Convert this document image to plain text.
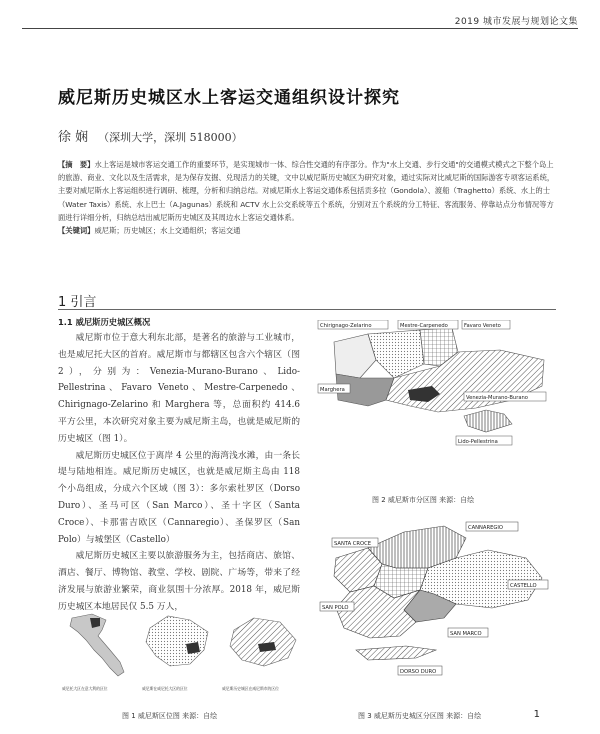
2019 城市发展与规划论文集
威尼斯历史城区水上客运交通组织设计探究
徐 娴 （深圳大学，深圳 518000）
【摘　要】水上客运是城市客运交通工作的重要环节，是实现城市一体、综合性交通的有序部分。作为"水上交通、步行交通"的交通模式模式之下整个岛上的旅游、商业、文化以及生活需求，是为保存发掘、兑现活力的关键，文中以威尼斯历史城区为研究对象，通过实际对比威尼斯的国际游客专项客运系统，主要对威尼斯水上客运组织进行调研、梳理，分析和归纳总结。对威尼斯水上客运交通体系包括贡多拉（Gondola）、渡船（Traghetto）系统、水上的士（Water Taxis）系统、水上巴士（A.Jagunas）系统和 ACTV 水上公交系统等五个系统，分别对五个系统的分工特征、客流服务、停靠站点分布情况等方面进行详细分析，归纳总结出威尼斯历史城区及其周边水上客运交通体系。
【关键词】威尼斯；历史城区；水上交通组织；客运交通
1 引言
1.1 威尼斯历史城区概况

威尼斯市位于意大利东北部，是著名的旅游与工业城市，也是威尼托大区的首府。威尼斯市与都辖区包含六个辖区（图 2），分别为：Venezia-Murano-Burano、Lido-Pellestrina、Favaro Veneto、Mestre-Carpenedo、Chirignago-Zelarino 和 Marghera 等，总面积约 414.6 平方公里，本次研究对象主要为威尼斯主岛，也就是威尼斯的历史城区（图 1）。

威尼斯历史城区位于离岸 4 公里的海湾浅水滩，由一条长堤与陆地相连。威尼斯历史城区，也就是威尼斯主岛由 118 个小岛组成，分成六个区域（图 3）：多尔索杜罗区（Dorso Duro）、圣马可区（San Marco）、圣十字区（Santa Croce）、卡那雷吉欧区（Cannaregio）、圣保罗区（San Polo）与城堡区（Castello）

威尼斯历史城区主要以旅游服务为主，包括商店、旅馆、酒店、餐厅、博物馆、教堂、学校、剧院、广场等，带来了经济发展与旅游业繁荣，商业氛围十分浓厚。2018 年，威尼斯历史城区本地居民仅 5.5 万人，

威尼托大区在意大利的区位	威尼斯在威尼托大区的区位	威尼斯历史城区在威尼斯市的区位
图 1 威尼斯区位图 来源：自绘
Chirignago-Zelarino	Mestre-Carpenedo	Favaro Veneto
Marghera
Venezia-Murano-Burano
Lido-Pellestrina
图 2 威尼斯市分区图 来源：自绘
CANNAREGIO
SANTA CROCE
SAN POLO
CASTELLO
SAN MARCO
DORSO DURO
图 3 威尼斯历史城区分区图 来源：自绘	1
